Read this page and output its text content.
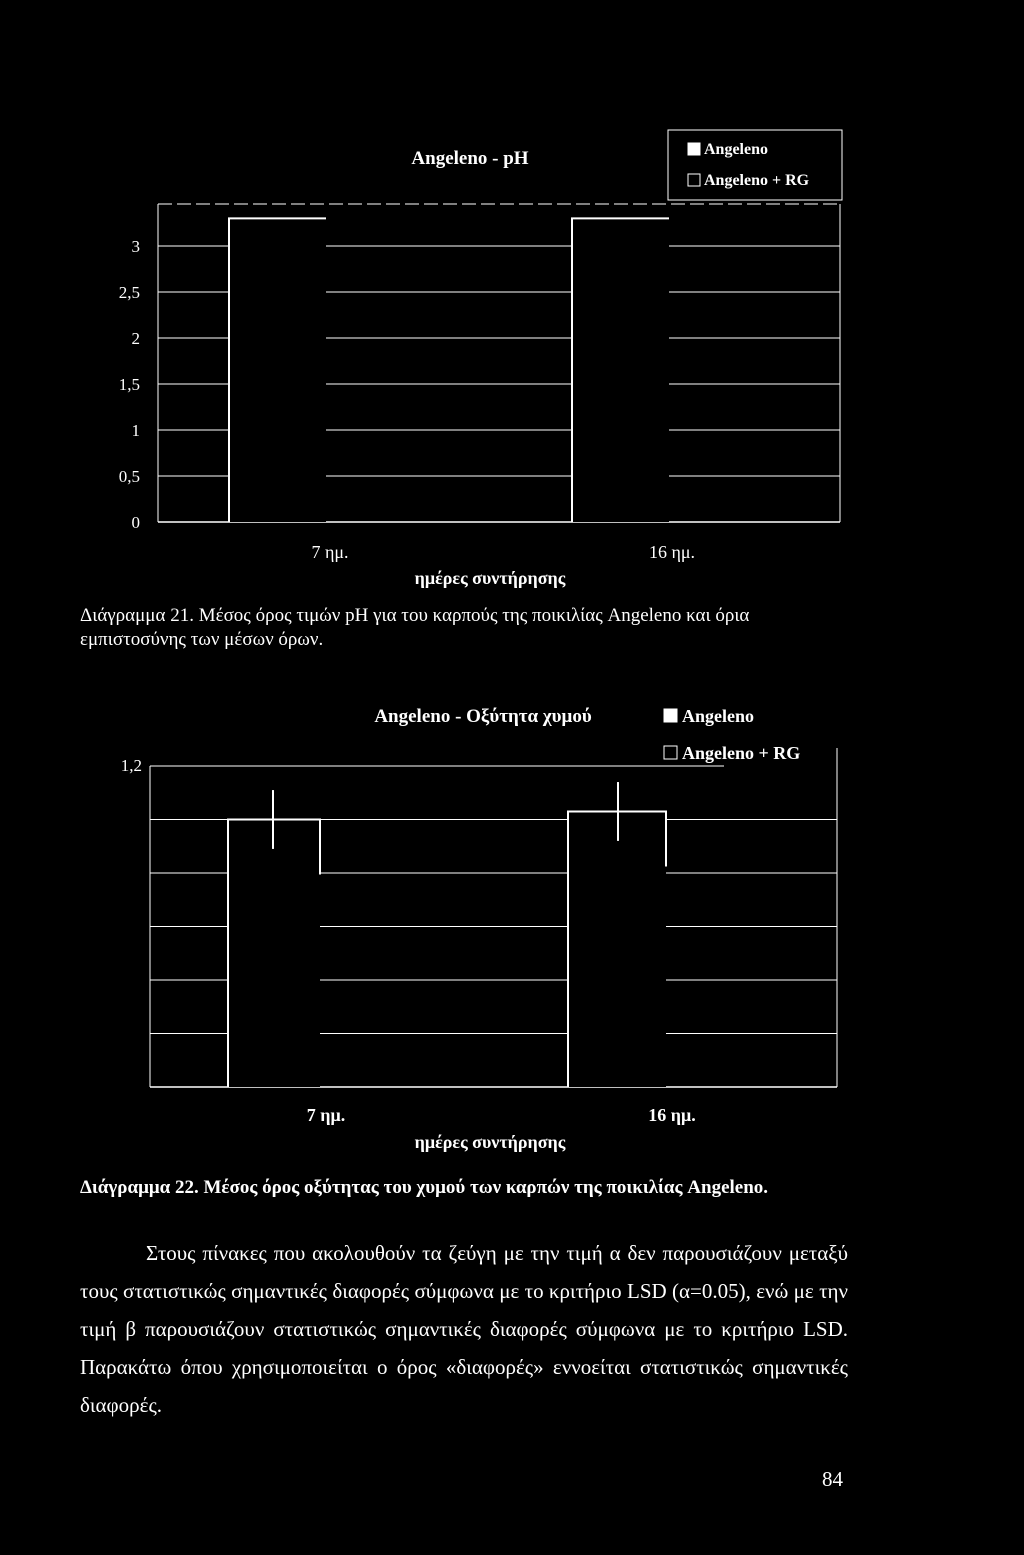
Angeleno - pH
0
0,5
1
1,5
2
2,5
3
7 ημ.	16 ημ.
ημέρες συντήρησης
Angeleno
Angeleno + RG
Διάγραμμα 21. Μέσος όρος τιμών pH για του καρπούς της ποικιλίας Angeleno και όρια εμπιστοσύνης των μέσων όρων.
Angeleno - Οξύτητα χυμού
1,2
7 ημ.	16 ημ.
ημέρες συντήρησης
Angeleno
Angeleno + RG
Διάγραμμα 22. Μέσος όρος οξύτητας του χυμού των καρπών της ποικιλίας Angeleno.

Στους πίνακες που ακολουθούν τα ζεύγη με την τιμή α δεν παρουσιάζουν μεταξύ τους στατιστικώς σημαντικές διαφορές σύμφωνα με το κριτήριο LSD (α=0.05), ενώ με την τιμή β παρουσιάζουν στατιστικώς σημαντικές διαφορές σύμφωνα με το κριτήριο LSD. Παρακάτω όπου χρησιμοποιείται ο όρος «διαφορές» εννοείται στατιστικώς σημαντικές διαφορές.

84
